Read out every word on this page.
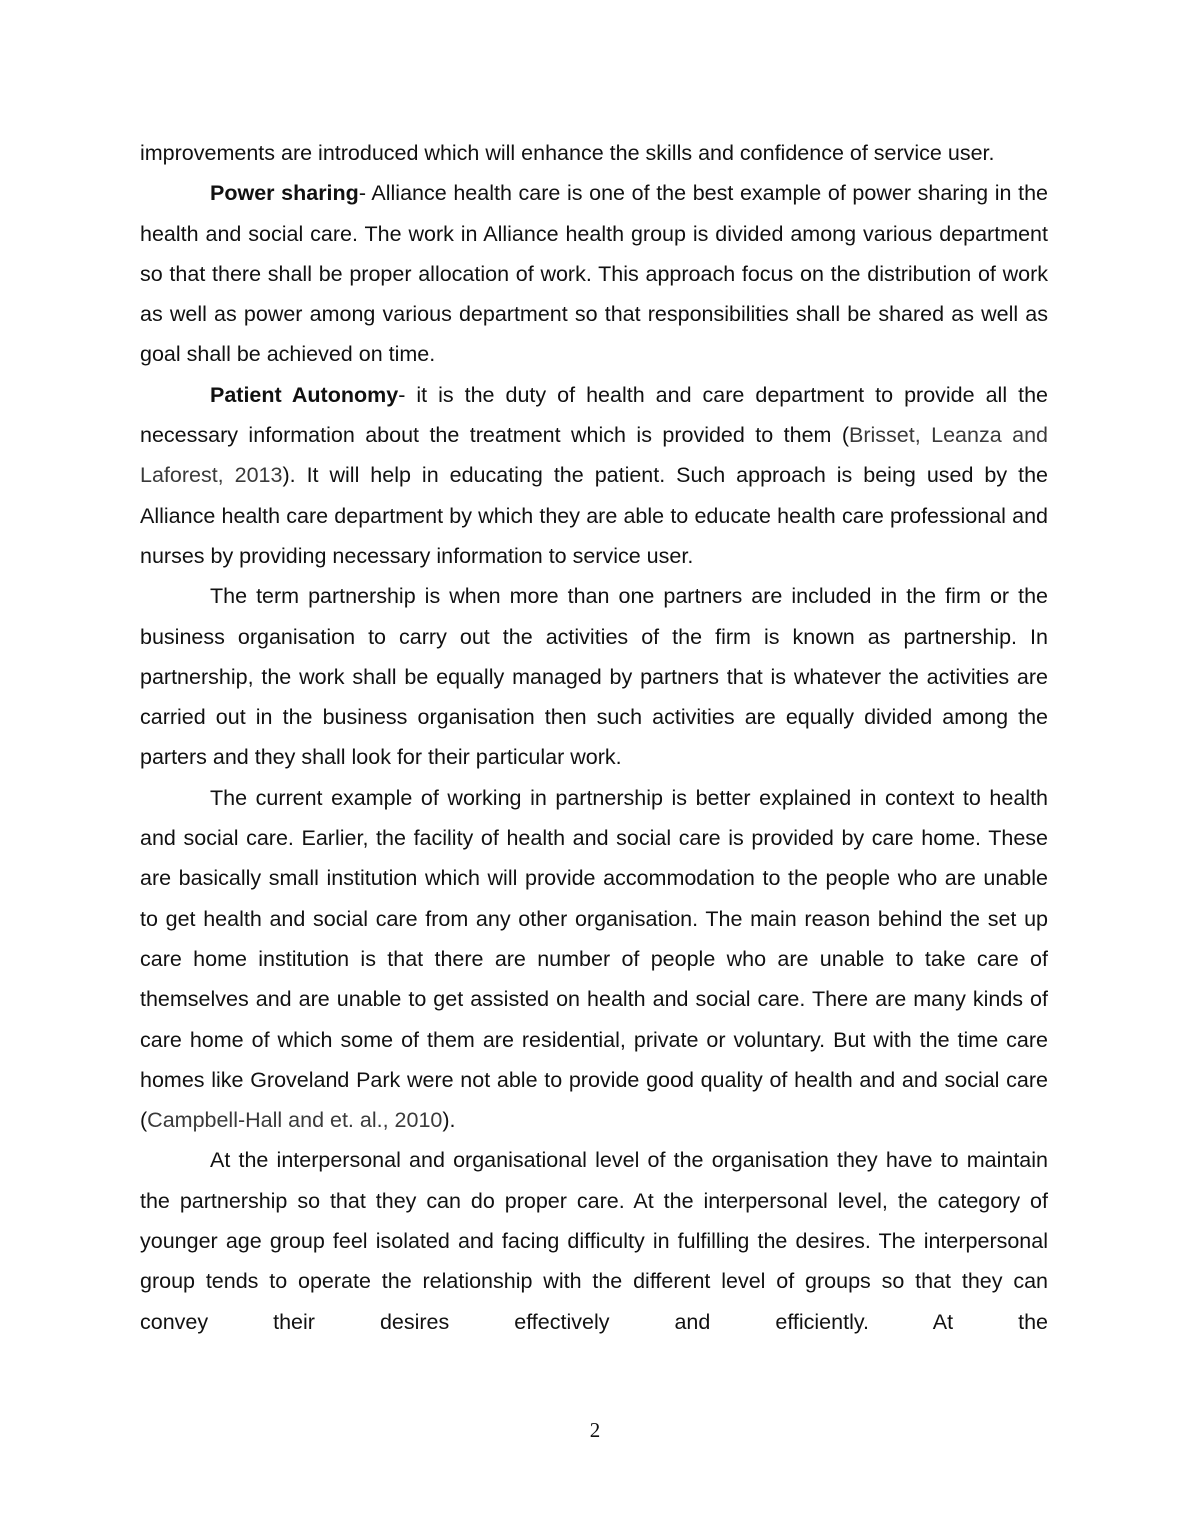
improvements are introduced which will enhance the skills and confidence of service user.

Power sharing- Alliance health care is one of the best example of power sharing in the health and social care. The work in Alliance health group is divided among various department so that there shall be proper allocation of work. This approach focus on the distribution of work as well as power among various department so that responsibilities shall be shared as well as goal shall be achieved on time.

Patient Autonomy- it is the duty of health and care department to provide all the necessary information about the treatment which is provided to them (Brisset, Leanza and Laforest, 2013). It will help in educating the patient. Such approach is being used by the Alliance health care department by which they are able to educate health care professional and nurses by providing necessary information to service user.

The term partnership is when more than one partners are included in the firm or the business organisation to carry out the activities of the firm is known as partnership. In partnership, the work shall be equally managed by partners that is whatever the activities are carried out in the business organisation then such activities are equally divided among the parters and they shall look for their particular work.

The current example of working in partnership is better explained in context to health and social care. Earlier, the facility of health and social care is provided by care home. These are basically small institution which will provide accommodation to the people who are unable to get health and social care from any other organisation. The main reason behind the set up care home institution is that there are number of people who are unable to take care of themselves and are unable to get assisted on health and social care. There are many kinds of care home of which some of them are residential, private or voluntary. But with the time care homes like Groveland Park were not able to provide good quality of health and and social care (Campbell-Hall and et. al., 2010).

At the interpersonal and organisational level of the organisation they have to maintain the partnership so that they can do proper care. At the interpersonal level, the category of younger age group feel isolated and facing difficulty in fulfilling the desires. The interpersonal group tends to operate the relationship with the different level of groups so that they can convey their desires effectively and efficiently. At the

2
